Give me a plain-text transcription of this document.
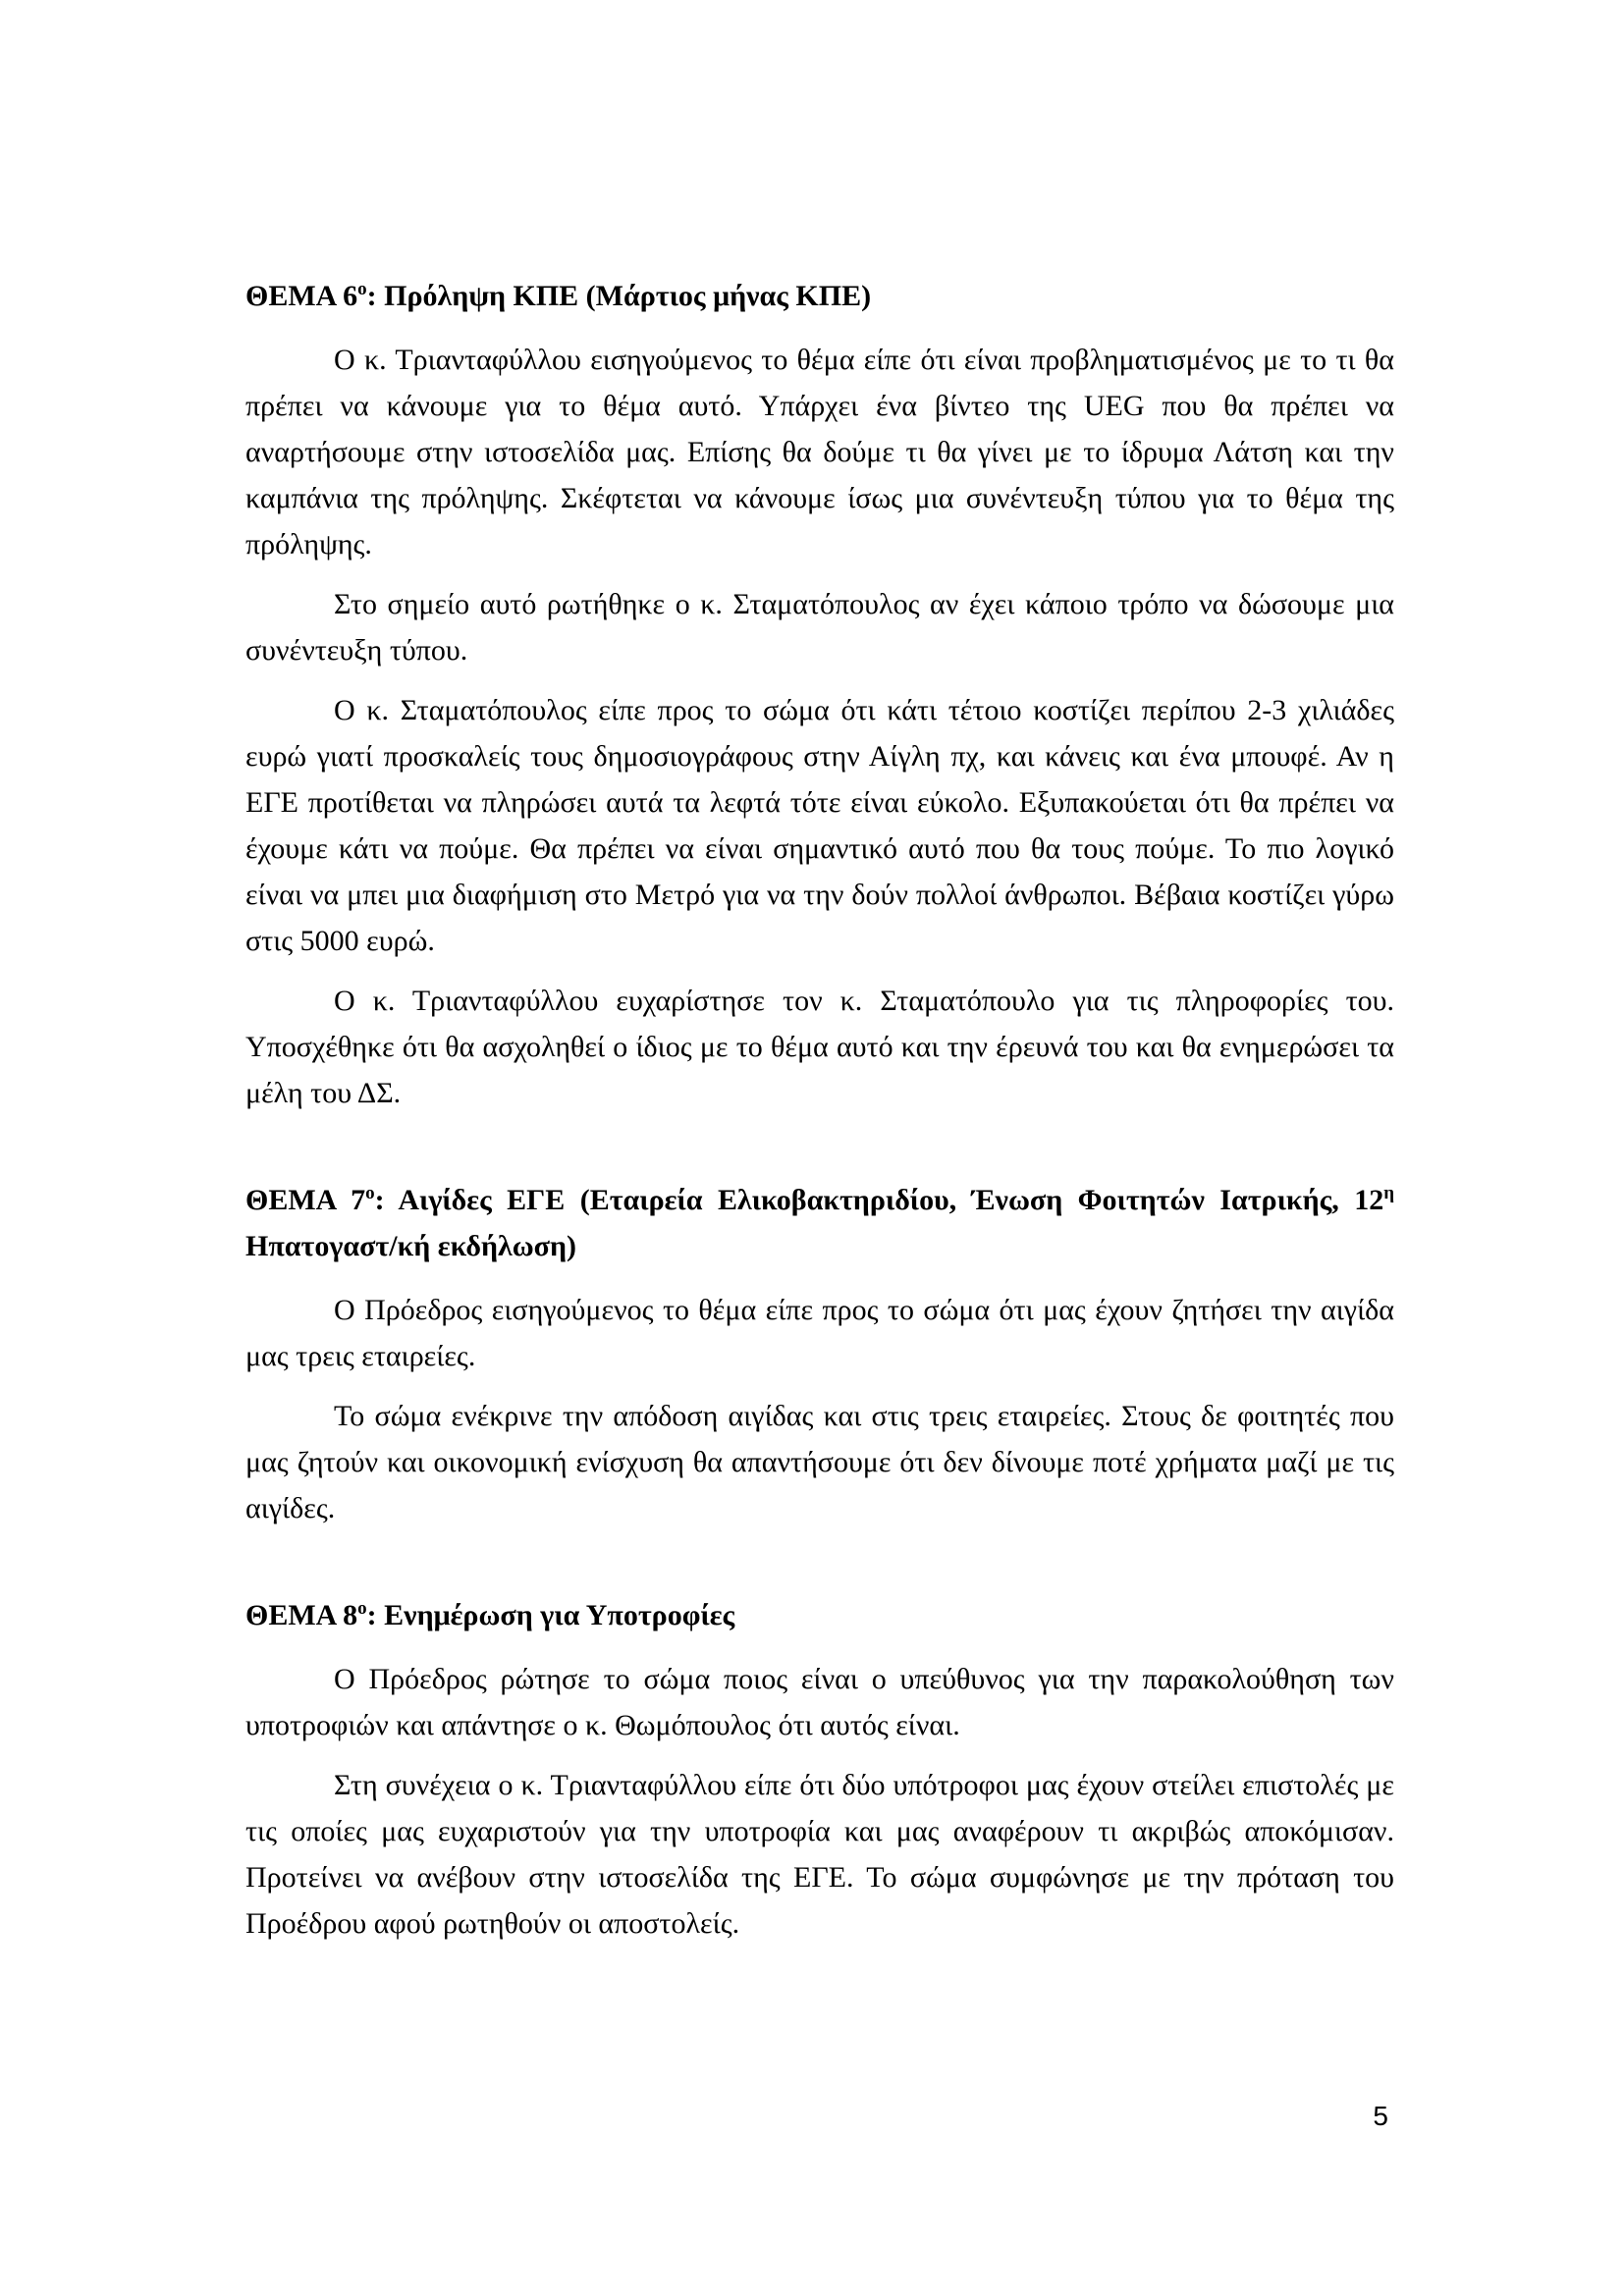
ΘΕΜΑ $6^o$: Πρόληψη ΚΠΕ (Μάρτιος μήνας ΚΠΕ)

Ο κ. Τριανταφύλλου εισηγούμενος το θέμα είπε ότι είναι προβληματισμένος με το τι θα πρέπει να κάνουμε για το θέμα αυτό. Υπάρχει ένα βίντεο της UEG που θα πρέπει να αναρτήσουμε στην ιστοσελίδα μας. Επίσης θα δούμε τι θα γίνει με το ίδρυμα Λάτση και την καμπάνια της πρόληψης. Σκέφτεται να κάνουμε ίσως μια συνέντευξη τύπου για το θέμα της πρόληψης.

Στο σημείο αυτό ρωτήθηκε ο κ. Σταματόπουλος αν έχει κάποιο τρόπο να δώσουμε μια συνέντευξη τύπου.

Ο κ. Σταματόπουλος είπε προς το σώμα ότι κάτι τέτοιο κοστίζει περίπου 2-3 χιλιάδες ευρώ γιατί προσκαλείς τους δημοσιογράφους στην Αίγλη πχ, και κάνεις και ένα μπουφέ. Αν η ΕΓΕ προτίθεται να πληρώσει αυτά τα λεφτά τότε είναι εύκολο. Εξυπακούεται ότι θα πρέπει να έχουμε κάτι να πούμε. Θα πρέπει να είναι σημαντικό αυτό που θα τους πούμε. Το πιο λογικό είναι να μπει μια διαφήμιση στο Μετρό για να την δούν πολλοί άνθρωποι. Βέβαια κοστίζει γύρω στις 5000 ευρώ.

Ο κ. Τριανταφύλλου ευχαρίστησε τον κ. Σταματόπουλο για τις πληροφορίες του. Υποσχέθηκε ότι θα ασχοληθεί ο ίδιος με το θέμα αυτό και την έρευνά του και θα ενημερώσει τα μέλη του ΔΣ.

ΘΕΜΑ $7^o$: Αιγίδες ΕΓΕ (Εταιρεία Ελικοβακτηριδίου, Ένωση Φοιτητών Ιατρικής, $12^\eta$ Ηπατογαστ/κή εκδήλωση)

Ο Πρόεδρος εισηγούμενος το θέμα είπε προς το σώμα ότι μας έχουν ζητήσει την αιγίδα μας τρεις εταιρείες.

Το σώμα ενέκρινε την απόδοση αιγίδας και στις τρεις εταιρείες. Στους δε φοιτητές που μας ζητούν και οικονομική ενίσχυση θα απαντήσουμε ότι δεν δίνουμε ποτέ χρήματα μαζί με τις αιγίδες.

ΘΕΜΑ $8^o$: Ενημέρωση για Υποτροφίες

Ο Πρόεδρος ρώτησε το σώμα ποιος είναι ο υπεύθυνος για την παρακολούθηση των υποτροφιών και απάντησε ο κ. Θωμόπουλος ότι αυτός είναι.

Στη συνέχεια ο κ. Τριανταφύλλου είπε ότι δύο υπότροφοι μας έχουν στείλει επιστολές με τις οποίες μας ευχαριστούν για την υποτροφία και μας αναφέρουν τι ακριβώς αποκόμισαν. Προτείνει να ανέβουν στην ιστοσελίδα της ΕΓΕ. Το σώμα συμφώνησε με την πρόταση του Προέδρου αφού ρωτηθούν οι αποστολείς.

5
